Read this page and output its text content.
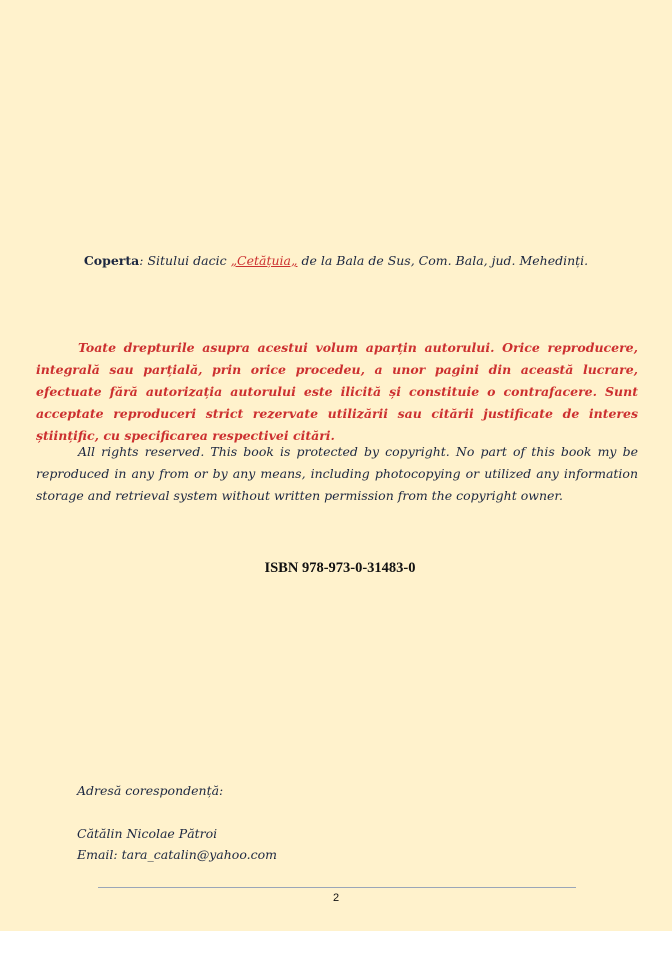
Coperta: Sitului dacic „Cetățuia„ de la Bala de Sus, Com. Bala, jud. Mehedinți.
Toate drepturile asupra acestui volum aparțin autorului. Orice reproducere, integrală sau parțială, prin orice procedeu, a unor pagini din această lucrare, efectuate fără autorizația autorului este ilicită și constituie o contrafacere. Sunt acceptate reproduceri strict rezervate utilizării sau citării justificate de interes științific, cu specificarea respectivei citări.
All rights reserved. This book is protected by copyright. No part of this book my be reproduced in any from or by any means, including photocopying or utilized any information storage and retrieval system without written permission from the copyright owner.
ISBN 978-973-0-31483-0
Adresă corespondență:
Cătălin Nicolae Pătroi
Email: tara_catalin@yahoo.com
2
